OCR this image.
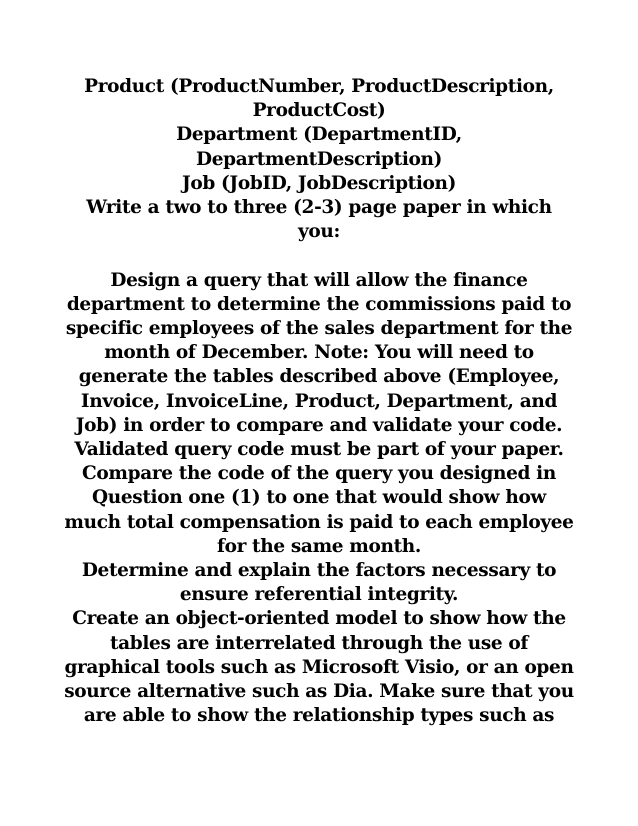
Product (ProductNumber, ProductDescription,
ProductCost)
Department (DepartmentID,
DepartmentDescription)
Job (JobID, JobDescription)
Write a two to three (2-3) page paper in which
you:
Design a query that will allow the finance
department to determine the commissions paid to
specific employees of the sales department for the
month of December. Note: You will need to
generate the tables described above (Employee,
Invoice, InvoiceLine, Product, Department, and
Job) in order to compare and validate your code.
Validated query code must be part of your paper.
Compare the code of the query you designed in
Question one (1) to one that would show how
much total compensation is paid to each employee
for the same month.
Determine and explain the factors necessary to
ensure referential integrity.
Create an object-oriented model to show how the
tables are interrelated through the use of
graphical tools such as Microsoft Visio, or an open
source alternative such as Dia. Make sure that you
are able to show the relationship types such as
